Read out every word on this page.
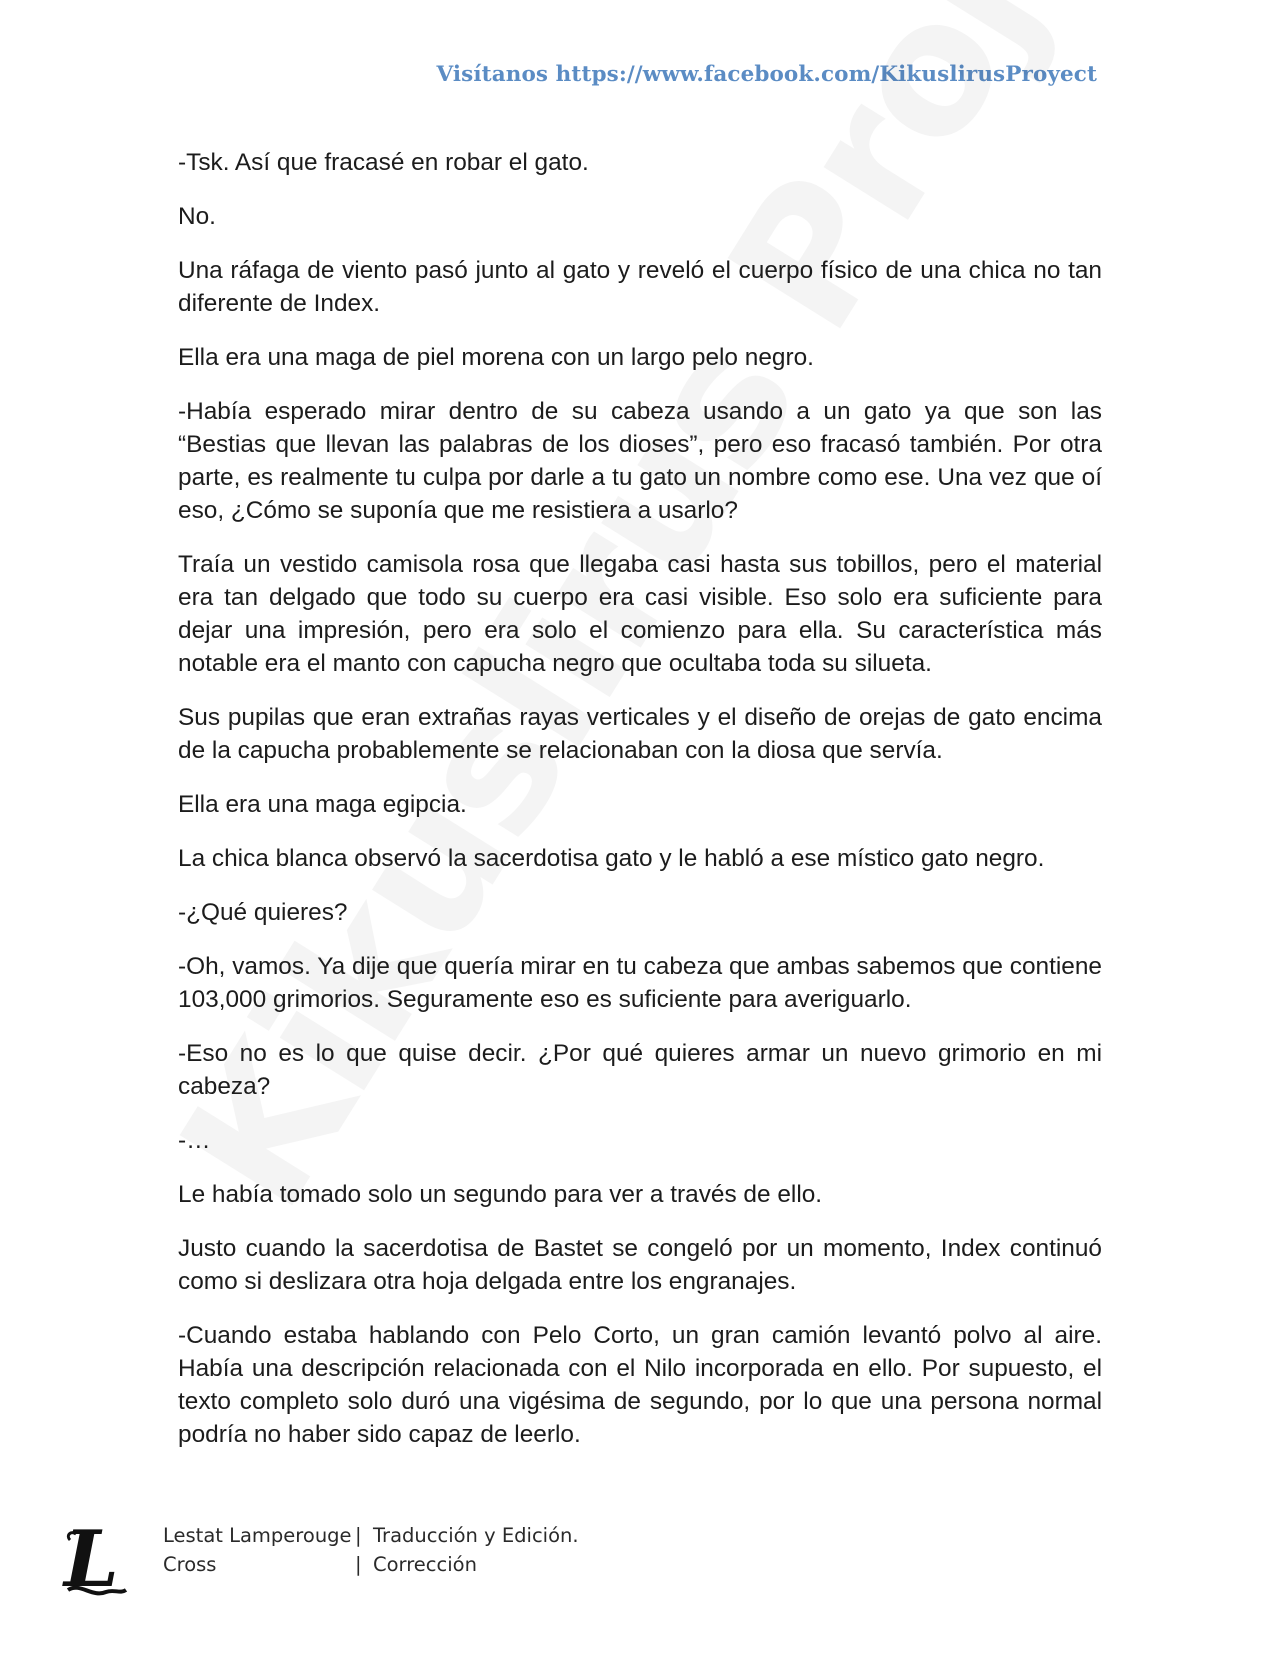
Visítanos https://www.facebook.com/KikuslirusProyect

-Tsk. Así que fracasé en robar el gato.

No.

Una ráfaga de viento pasó junto al gato y reveló el cuerpo físico de una chica no tan diferente de Index.

Ella era una maga de piel morena con un largo pelo negro.

-Había esperado mirar dentro de su cabeza usando a un gato ya que son las “Bestias que llevan las palabras de los dioses”, pero eso fracasó también. Por otra parte, es realmente tu culpa por darle a tu gato un nombre como ese. Una vez que oí eso, ¿Cómo se suponía que me resistiera a usarlo?

Traía un vestido camisola rosa que llegaba casi hasta sus tobillos, pero el material era tan delgado que todo su cuerpo era casi visible. Eso solo era suficiente para dejar una impresión, pero era solo el comienzo para ella. Su característica más notable era el manto con capucha negro que ocultaba toda su silueta.

Sus pupilas que eran extrañas rayas verticales y el diseño de orejas de gato encima de la capucha probablemente se relacionaban con la diosa que servía.

Ella era una maga egipcia.

La chica blanca observó la sacerdotisa gato y le habló a ese místico gato negro.

-¿Qué quieres?

-Oh, vamos. Ya dije que quería mirar en tu cabeza que ambas sabemos que contiene 103,000 grimorios. Seguramente eso es suficiente para averiguarlo.

-Eso no es lo que quise decir. ¿Por qué quieres armar un nuevo grimorio en mi cabeza?

-…

Le había tomado solo un segundo para ver a través de ello.

Justo cuando la sacerdotisa de Bastet se congeló por un momento, Index continuó como si deslizara otra hoja delgada entre los engranajes.

-Cuando estaba hablando con Pelo Corto, un gran camión levantó polvo al aire. Había una descripción relacionada con el Nilo incorporada en ello. Por supuesto, el texto completo solo duró una vigésima de segundo, por lo que una persona normal podría no haber sido capaz de leerlo.

L Lestat Lamperouge | Traducción y Edición.
Cross	| Corrección
